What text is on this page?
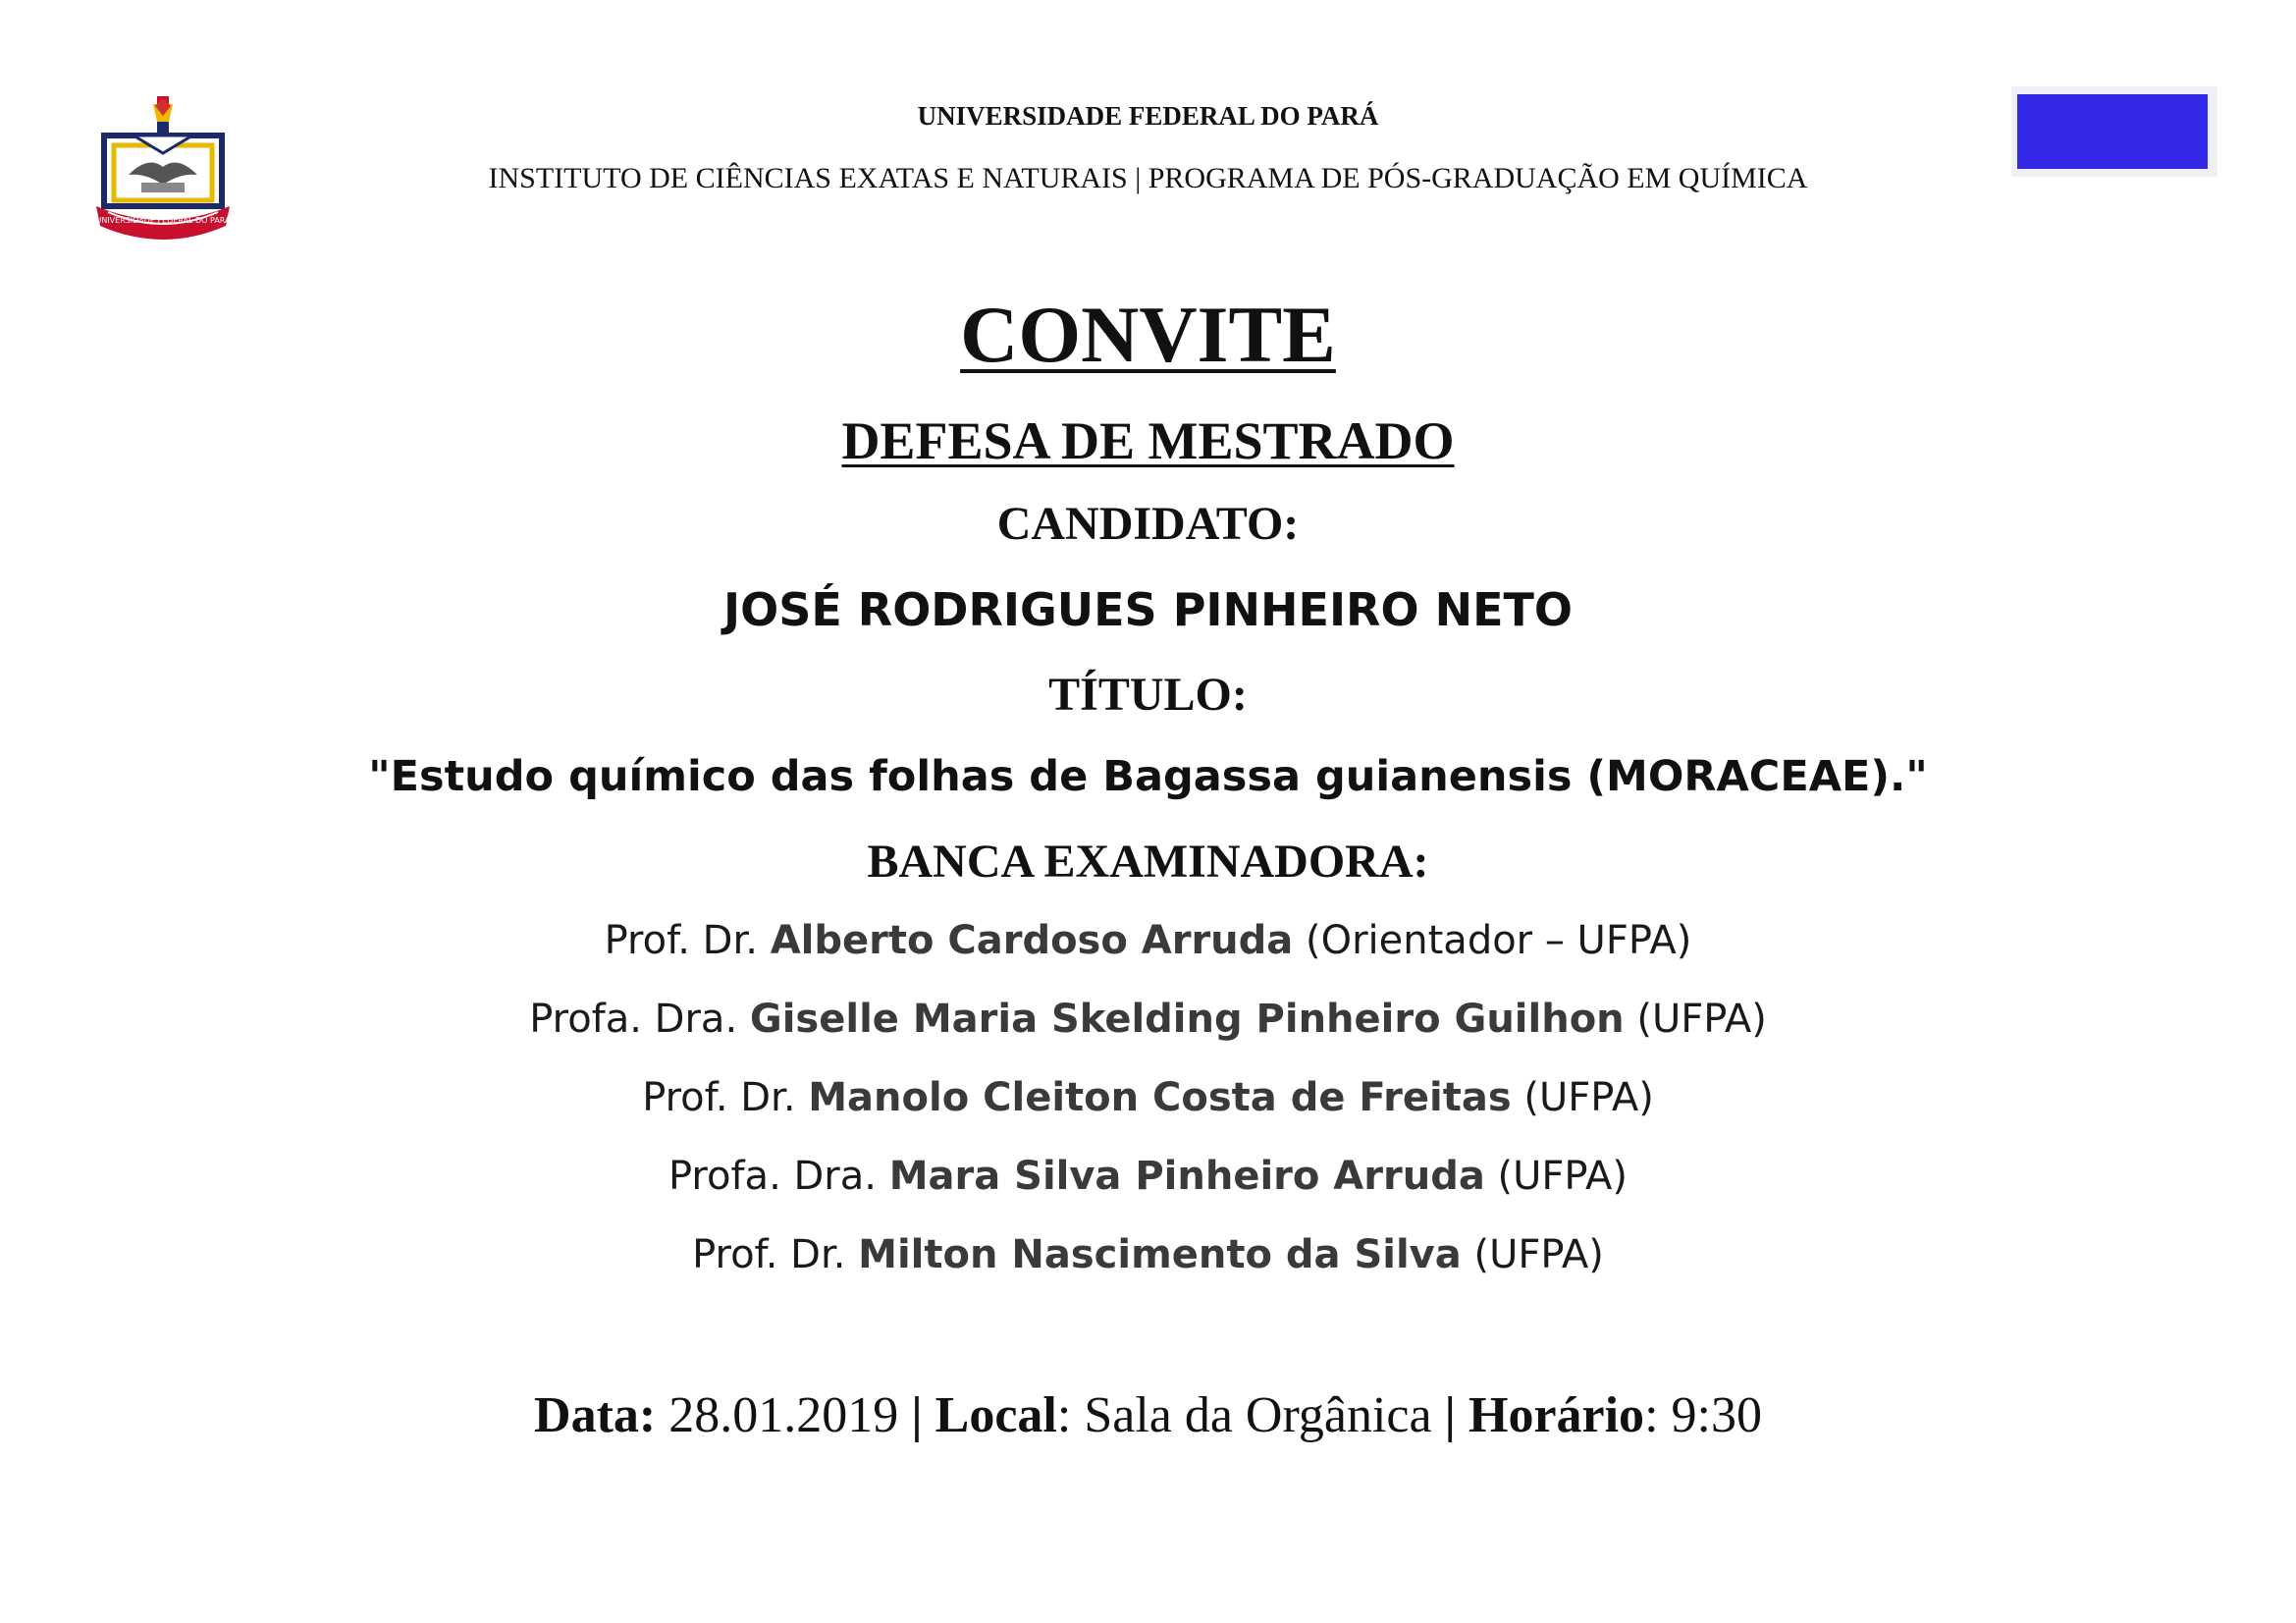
UNIVERSIDADE FEDERAL DO PARÁ
UNIVERSIDADE FEDERAL DO PARÁ
INSTITUTO DE CIÊNCIAS EXATAS E NATURAIS | PROGRAMA DE PÓS-GRADUAÇÃO EM QUÍMICA
CONVITE
DEFESA DE MESTRADO
CANDIDATO:
JOSÉ RODRIGUES PINHEIRO NETO
TÍTULO:
"Estudo químico das folhas de Bagassa guianensis (MORACEAE)."
BANCA EXAMINADORA:
Prof. Dr. Alberto Cardoso Arruda (Orientador – UFPA)
Profa. Dra. Giselle Maria Skelding Pinheiro Guilhon (UFPA)
Prof. Dr. Manolo Cleiton Costa de Freitas (UFPA)
Profa. Dra. Mara Silva Pinheiro Arruda (UFPA)
Prof. Dr. Milton Nascimento da Silva (UFPA)
Data: 28.01.2019 | Local: Sala da Orgânica | Horário: 9:30
